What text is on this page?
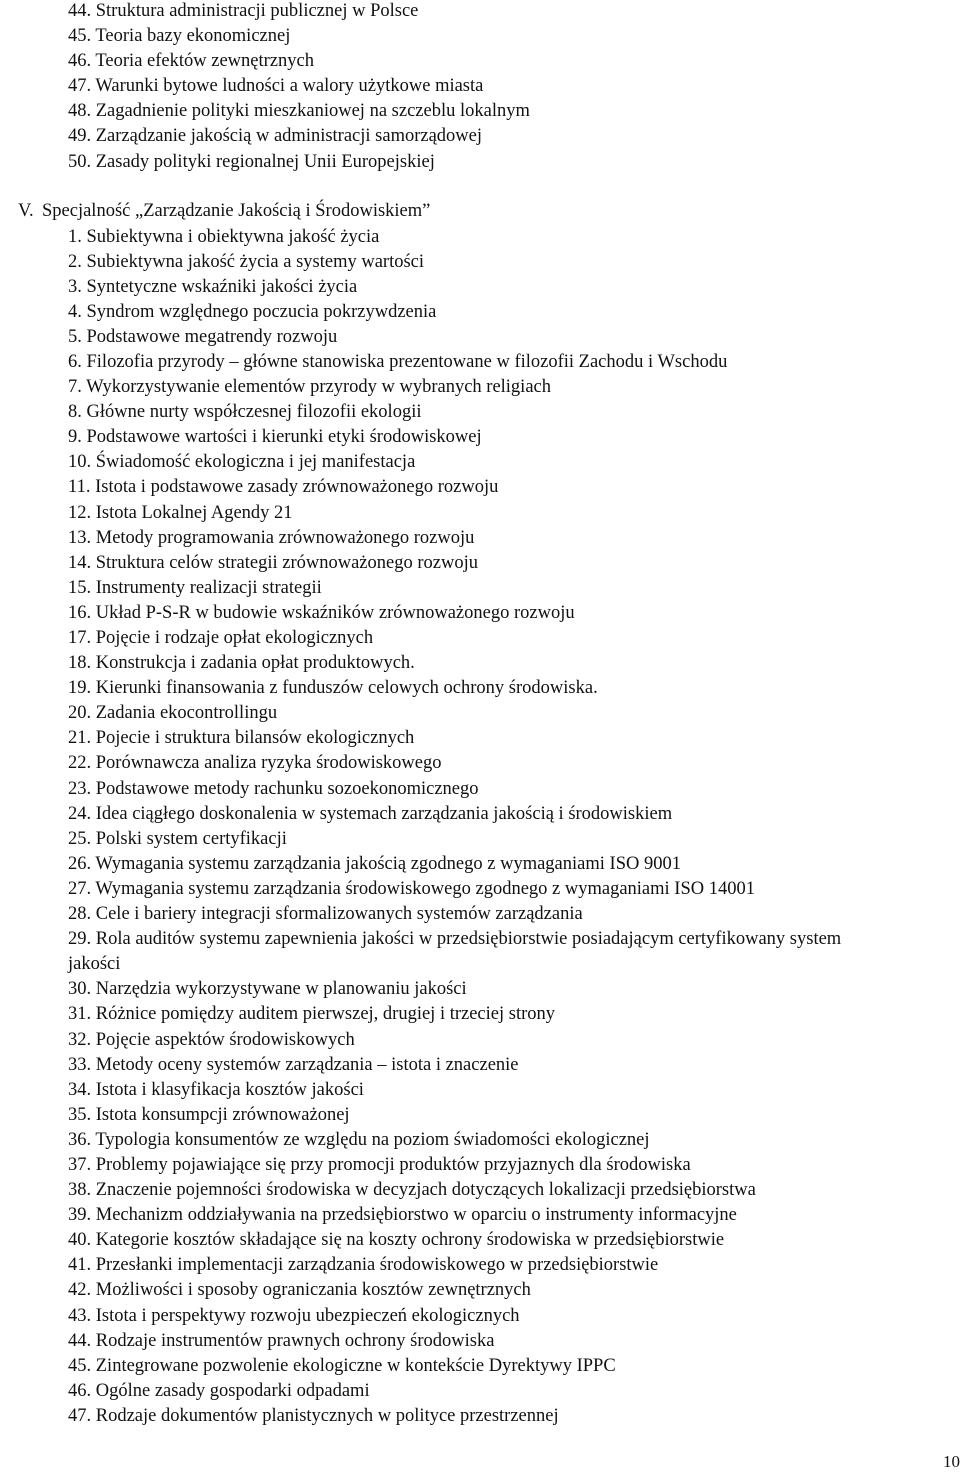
44. Struktura administracji publicznej w Polsce
45. Teoria bazy ekonomicznej
46. Teoria efektów zewnętrznych
47. Warunki bytowe ludności a walory użytkowe miasta
48. Zagadnienie polityki mieszkaniowej na szczeblu lokalnym
49. Zarządzanie jakością w administracji samorządowej
50. Zasady polityki regionalnej Unii Europejskiej
V. Specjalność „Zarządzanie Jakością i Środowiskiem”
1. Subiektywna i obiektywna jakość życia
2. Subiektywna jakość życia a systemy wartości
3. Syntetyczne wskaźniki jakości życia
4. Syndrom względnego poczucia pokrzywdzenia
5. Podstawowe megatrendy rozwoju
6. Filozofia przyrody – główne stanowiska prezentowane w filozofii Zachodu i Wschodu
7. Wykorzystywanie elementów przyrody w wybranych religiach
8. Główne nurty współczesnej filozofii ekologii
9. Podstawowe wartości i kierunki etyki środowiskowej
10. Świadomość ekologiczna i jej manifestacja
11. Istota i podstawowe zasady zrównoważonego rozwoju
12. Istota Lokalnej Agendy 21
13. Metody programowania zrównoważonego rozwoju
14. Struktura celów strategii zrównoważonego rozwoju
15. Instrumenty realizacji strategii
16. Układ P-S-R w budowie wskaźników zrównoważonego rozwoju
17. Pojęcie i rodzaje opłat ekologicznych
18. Konstrukcja i zadania opłat produktowych.
19. Kierunki finansowania z funduszów celowych ochrony środowiska.
20. Zadania ekocontrollingu
21. Pojecie i struktura bilansów ekologicznych
22. Porównawcza analiza ryzyka środowiskowego
23. Podstawowe metody rachunku sozoekonomicznego
24. Idea ciągłego doskonalenia w systemach zarządzania jakością i środowiskiem
25. Polski system certyfikacji
26. Wymagania systemu zarządzania jakością zgodnego z wymaganiami ISO 9001
27. Wymagania systemu zarządzania środowiskowego zgodnego z wymaganiami ISO 14001
28. Cele i bariery integracji sformalizowanych systemów zarządzania
29. Rola auditów systemu zapewnienia jakości w przedsiębiorstwie posiadającym certyfikowany system
jakości
30. Narzędzia wykorzystywane w planowaniu jakości
31. Różnice pomiędzy auditem pierwszej, drugiej i trzeciej strony
32. Pojęcie aspektów środowiskowych
33. Metody oceny systemów zarządzania – istota i znaczenie
34. Istota i klasyfikacja kosztów jakości
35. Istota konsumpcji zrównoważonej
36. Typologia konsumentów ze względu na poziom świadomości ekologicznej
37. Problemy pojawiające się przy promocji produktów przyjaznych dla środowiska
38. Znaczenie pojemności środowiska w decyzjach dotyczących lokalizacji przedsiębiorstwa
39. Mechanizm oddziaływania na przedsiębiorstwo w oparciu o instrumenty informacyjne
40. Kategorie kosztów składające się na koszty ochrony środowiska w przedsiębiorstwie
41. Przesłanki implementacji zarządzania środowiskowego w przedsiębiorstwie
42. Możliwości i sposoby ograniczania kosztów zewnętrznych
43. Istota i perspektywy rozwoju ubezpieczeń ekologicznych
44. Rodzaje instrumentów prawnych ochrony środowiska
45. Zintegrowane pozwolenie ekologiczne w kontekście Dyrektywy IPPC
46. Ogólne zasady gospodarki odpadami
47. Rodzaje dokumentów planistycznych w polityce przestrzennej
10
